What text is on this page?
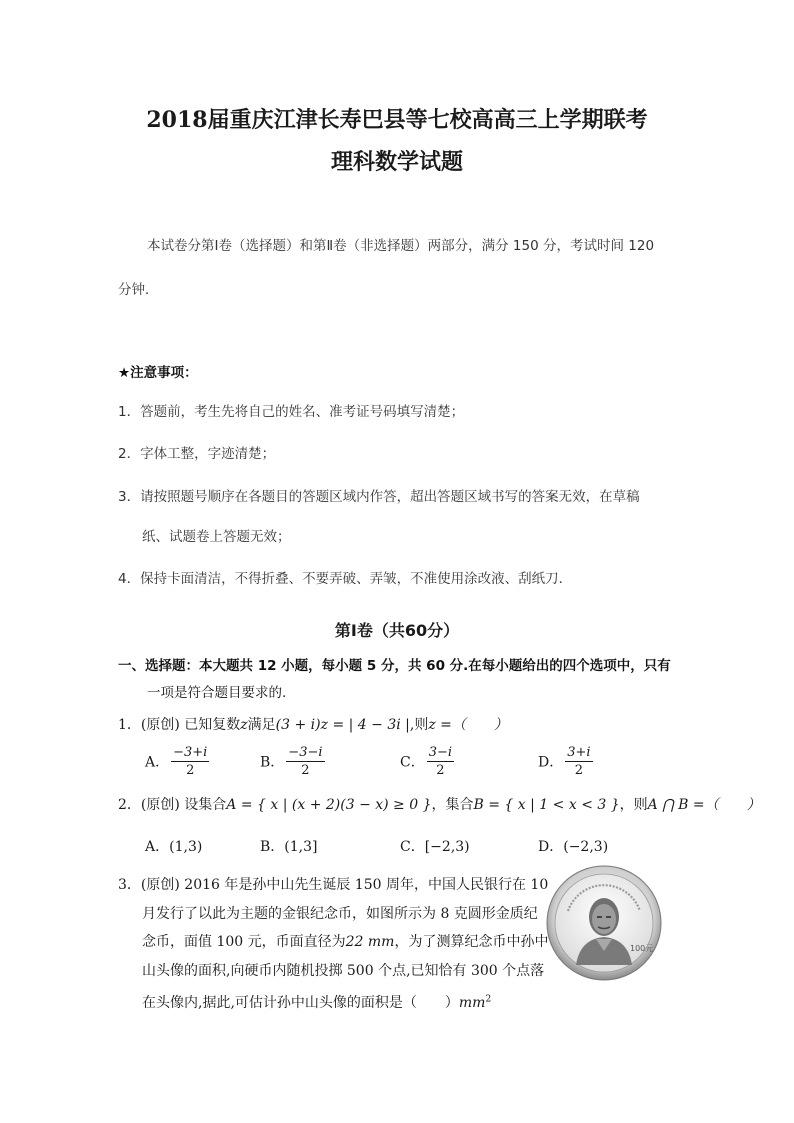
2018届重庆江津长寿巴县等七校高高三上学期联考
理科数学试题
本试卷分第Ⅰ卷（选择题）和第Ⅱ卷（非选择题）两部分，满分 150 分，考试时间 120
分钟．
★注意事项：
1．答题前，考生先将自己的姓名、准考证号码填写清楚；
2．字体工整，字迹清楚；
3．请按照题号顺序在各题目的答题区域内作答，超出答题区域书写的答案无效，在草稿
纸、试题卷上答题无效；
4．保持卡面清洁，不得折叠、不要弄破、弄皱，不准使用涂改液、刮纸刀．
第Ⅰ卷（共60分）
一、选择题：本大题共 12 小题，每小题 5 分，共 60 分.在每小题给出的四个选项中，只有
一项是符合题目要求的.
1．(原创) 已知复数z满足(3 + i)z = | 4 − 3i |,则z =（　　）
A． $\frac{-3+i}{2}$	B． $\frac{-3-i}{2}$	C． $\frac{3-i}{2}$	D． $\frac{3+i}{2}$
2．(原创) 设集合A = { x | (x + 2)(3 − x) ≥ 0 }，集合B = { x | 1 < x < 3 }，则A ⋂ B =（　　）
A．(1,3)	B．(1,3]	C．[−2,3)	D．(−2,3)
3．(原创) 2016 年是孙中山先生诞辰 150 周年，中国人民银行在 10
月发行了以此为主题的金银纪念币，如图所示为 8 克圆形金质纪
念币，面值 100 元，币面直径为22 mm，为了测算纪念币中孙中
山头像的面积,向硬币内随机投掷 500 个点,已知恰有 300 个点落
在头像内,据此,可估计孙中山头像的面积是（　　）$mm^2$
100元
